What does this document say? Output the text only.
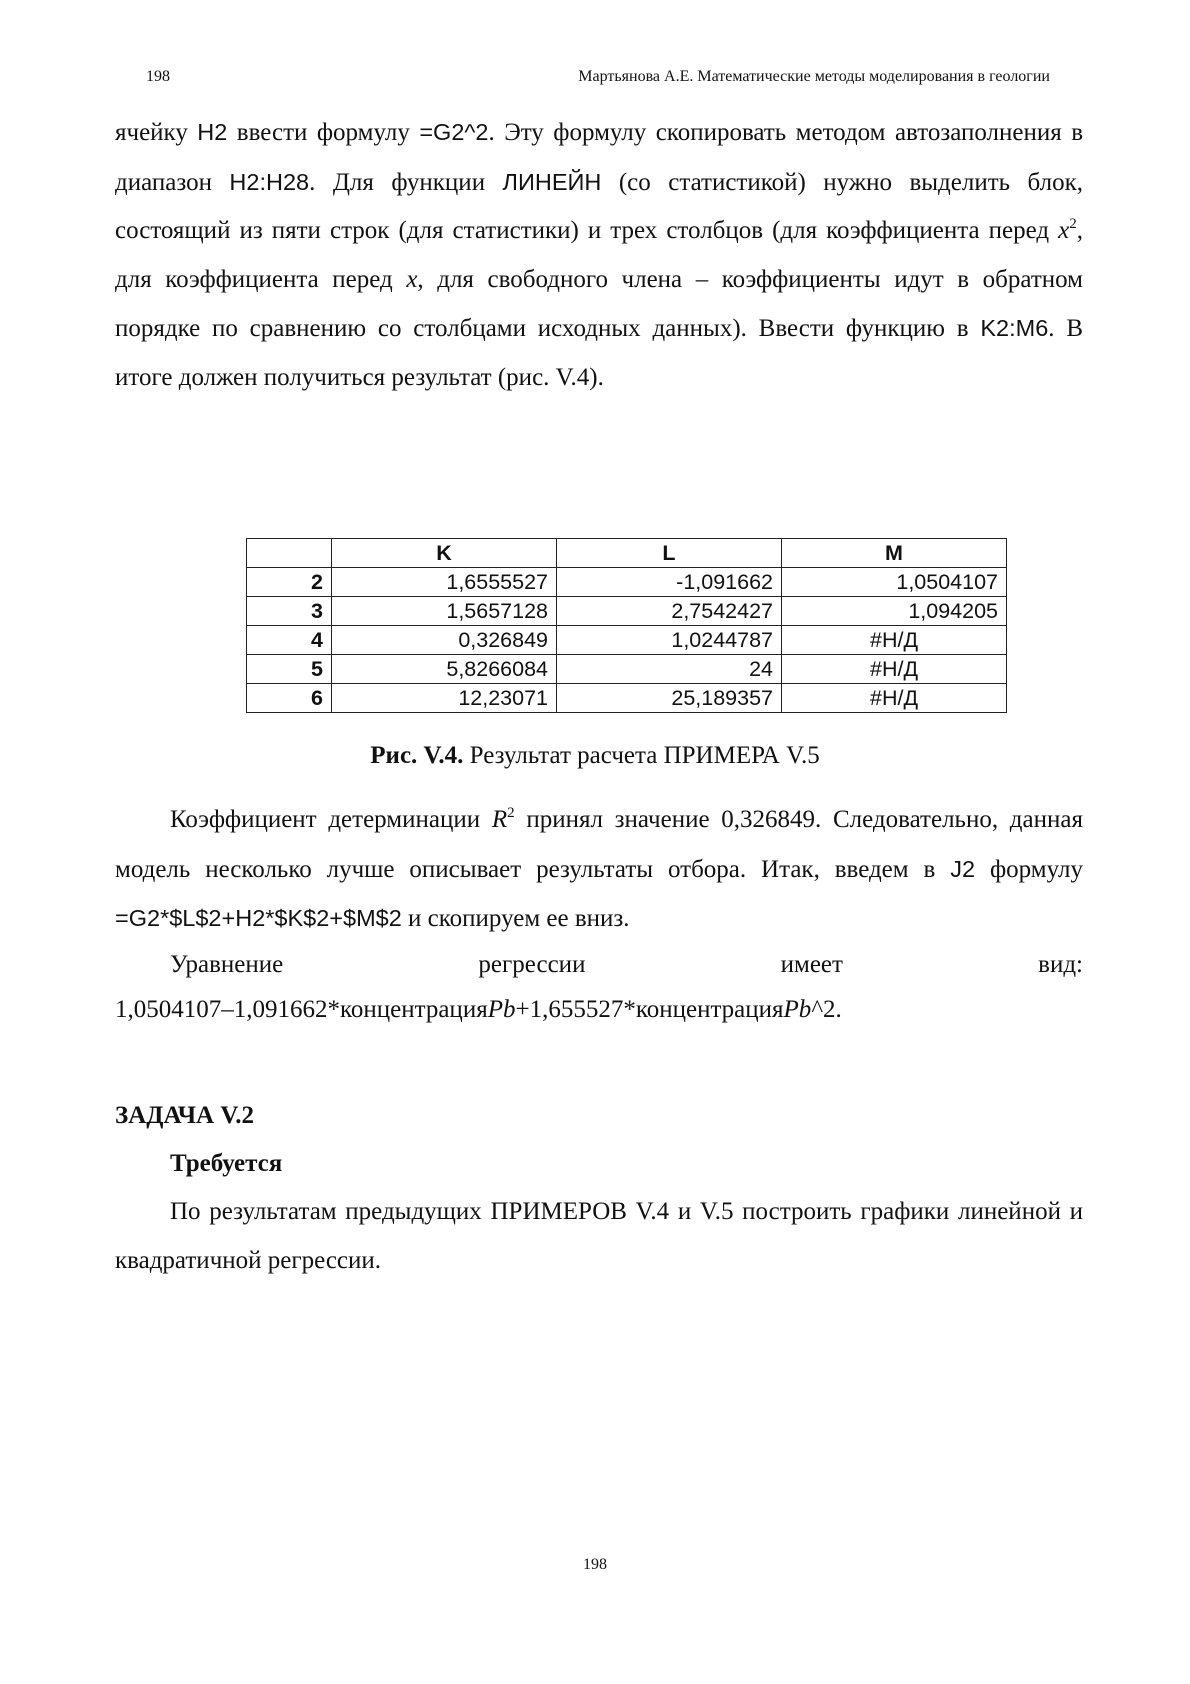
198	Мартьянова А.Е. Математические методы моделирования в геологии

ячейку H2 ввести формулу =G2^2. Эту формулу скопировать методом автозаполнения в диапазон H2:H28. Для функции ЛИНЕЙН (со статистикой) нужно выделить блок, состоящий из пяти строк (для статистики) и трех столбцов (для коэффициента перед $x^2$, для коэффициента перед x, для свободного члена – коэффициенты идут в обратном порядке по сравнению со столбцами исходных данных). Ввести функцию в K2:M6. В итоге должен получиться результат (рис. V.4).

	K	L	M
2	1,6555527	-1,091662	1,0504107
3	1,5657128	2,7542427	1,094205
4	0,326849	1,0244787	#Н/Д
5	5,8266084	24	#Н/Д
6	12,23071	25,189357	#Н/Д
Рис. V.4. Результат расчета ПРИМЕРА V.5

Коэффициент детерминации $R^2$ принял значение 0,326849. Следовательно, данная модель несколько лучше описывает результаты отбора. Итак, введем в J2 формулу =G2*$L$2+H2*$K$2+$M$2 и скопируем ее вниз.

Уравнение регрессии имеет вид:

1,0504107–1,091662*концентрацияPb+1,655527*концентрацияPb^2.

ЗАДАЧА V.2

Требуется

По результатам предыдущих ПРИМЕРОВ V.4 и V.5 построить графики линейной и квадратичной регрессии.

198
